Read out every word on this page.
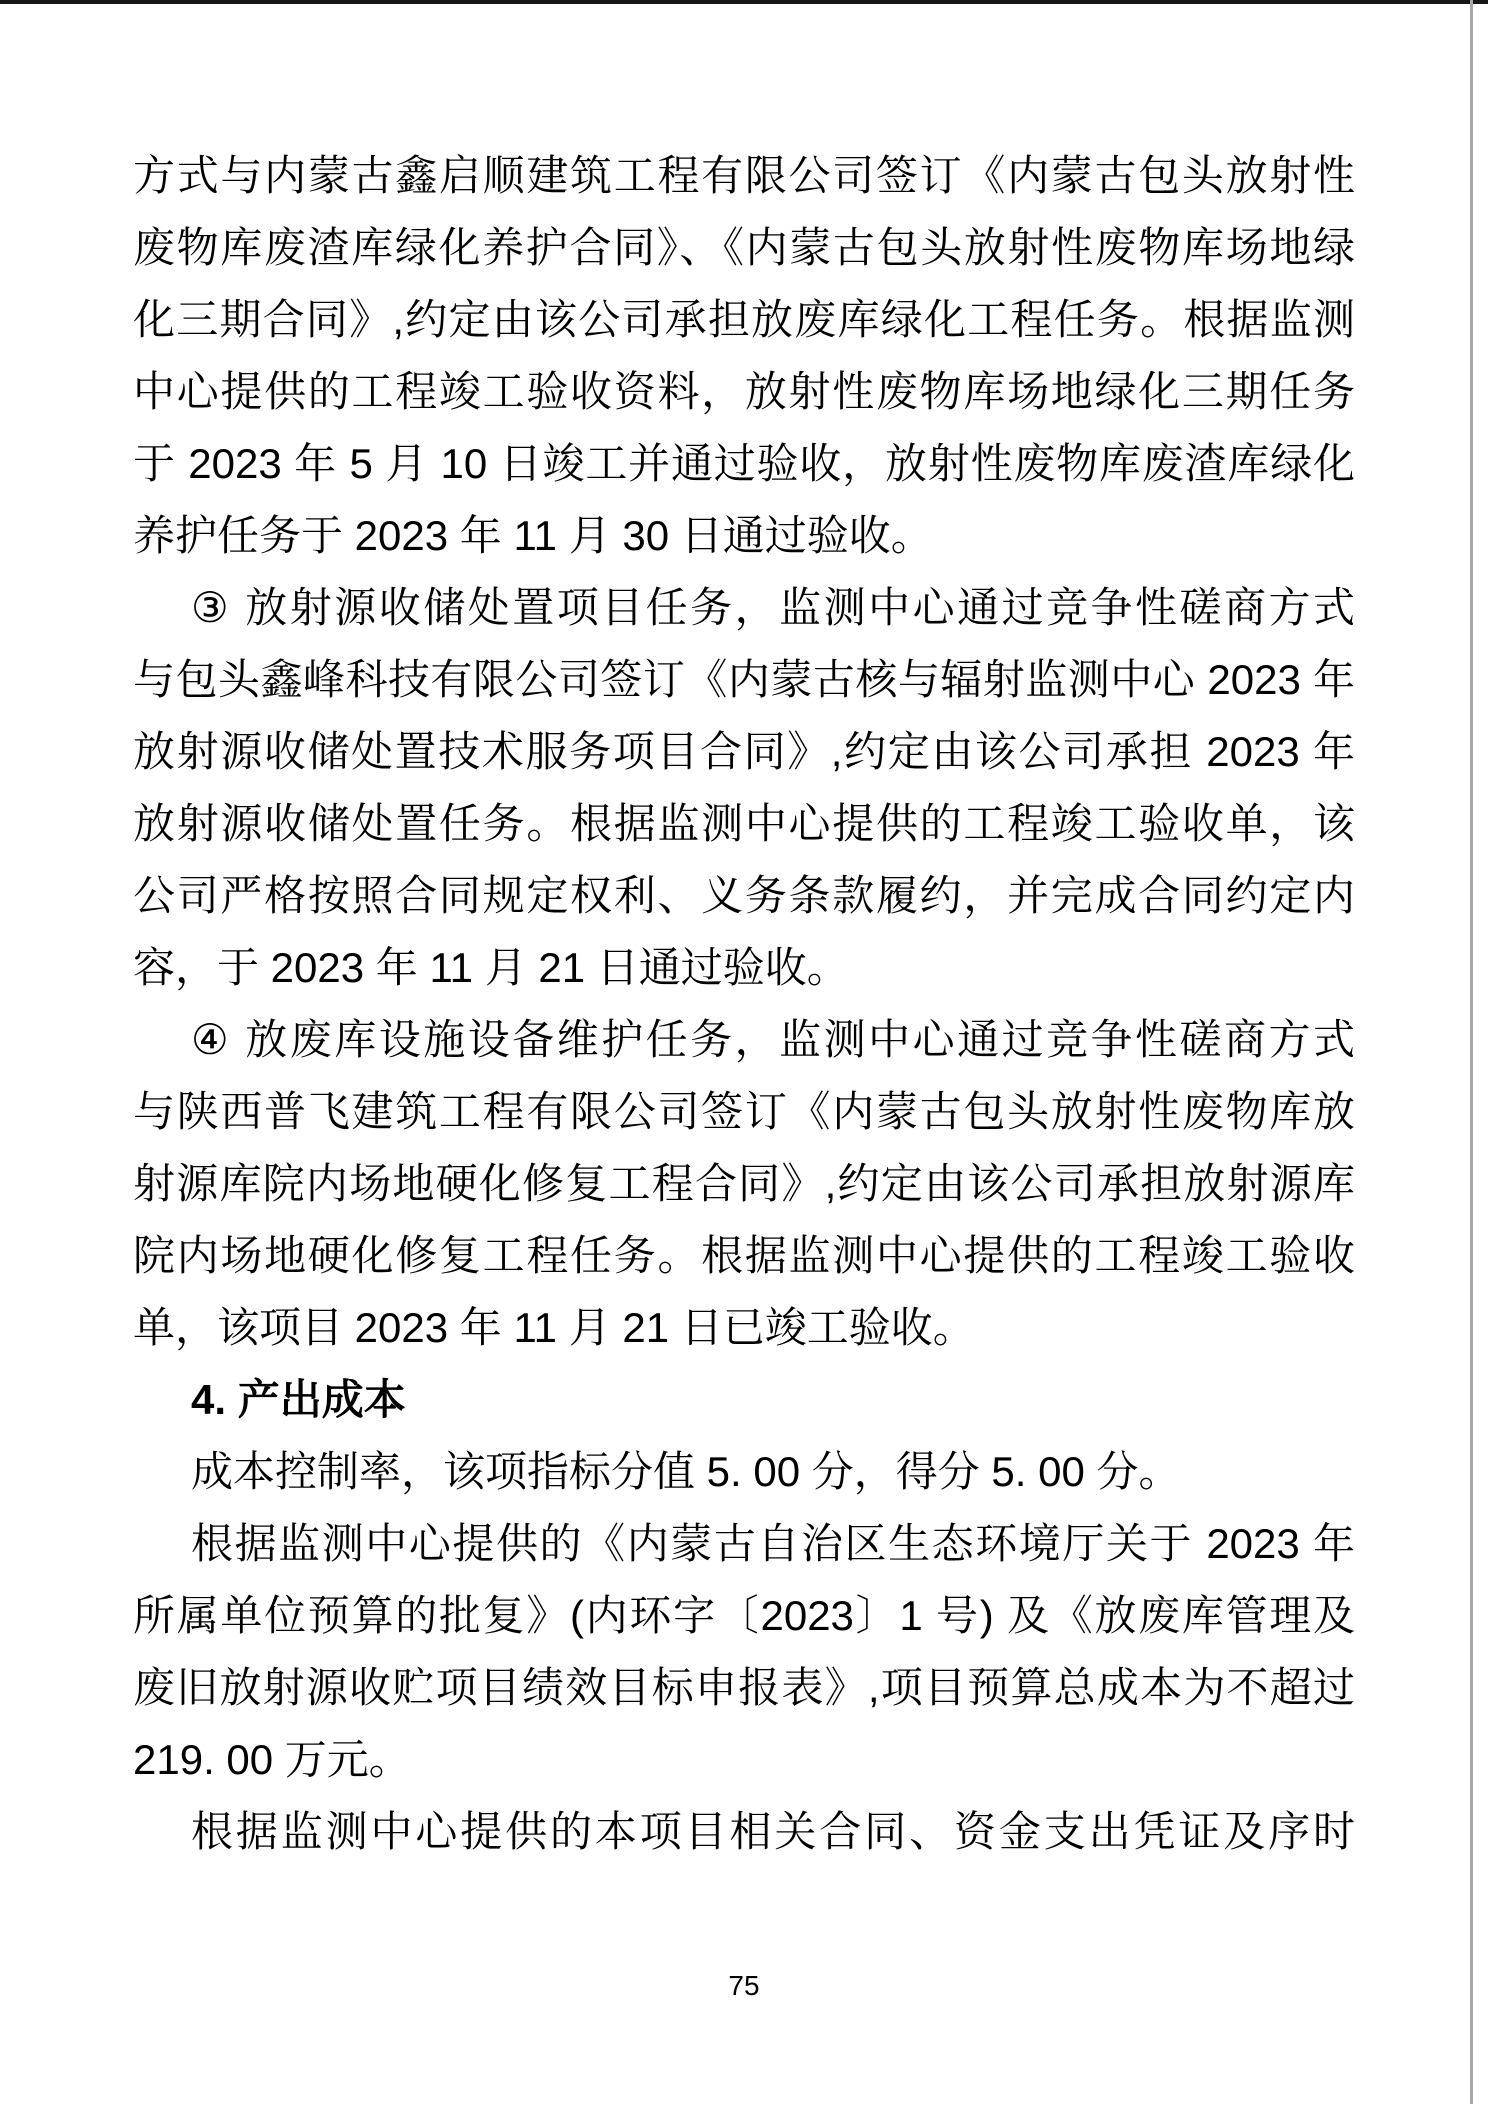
方式与内蒙古鑫启顺建筑工程有限公司签订《内蒙古包头放射性
废物库废渣库绿化养护合同》、《内蒙古包头放射性废物库场地绿
化三期合同》,约定由该公司承担放废库绿化工程任务。根据监测
中心提供的工程竣工验收资料，放射性废物库场地绿化三期任务
于 2023 年 5 月 10 日竣工并通过验收，放射性废物库废渣库绿化
养护任务于 2023 年 11 月 30 日通过验收。
③ 放射源收储处置项目任务，监测中心通过竞争性磋商方式
与包头鑫峰科技有限公司签订《内蒙古核与辐射监测中心 2023 年
放射源收储处置技术服务项目合同》,约定由该公司承担 2023 年
放射源收储处置任务。根据监测中心提供的工程竣工验收单，该
公司严格按照合同规定权利、义务条款履约，并完成合同约定内
容，于 2023 年 11 月 21 日通过验收。
④ 放废库设施设备维护任务，监测中心通过竞争性磋商方式
与陕西普飞建筑工程有限公司签订《内蒙古包头放射性废物库放
射源库院内场地硬化修复工程合同》,约定由该公司承担放射源库
院内场地硬化修复工程任务。根据监测中心提供的工程竣工验收
单，该项目 2023 年 11 月 21 日已竣工验收。
4. 产出成本
成本控制率，该项指标分值 5. 00 分，得分 5. 00 分。
根据监测中心提供的《内蒙古自治区生态环境厅关于 2023 年
所属单位预算的批复》(内环字〔2023〕1 号) 及《放废库管理及
废旧放射源收贮项目绩效目标申报表》,项目预算总成本为不超过
219. 00 万元。
根据监测中心提供的本项目相关合同、资金支出凭证及序时
75
